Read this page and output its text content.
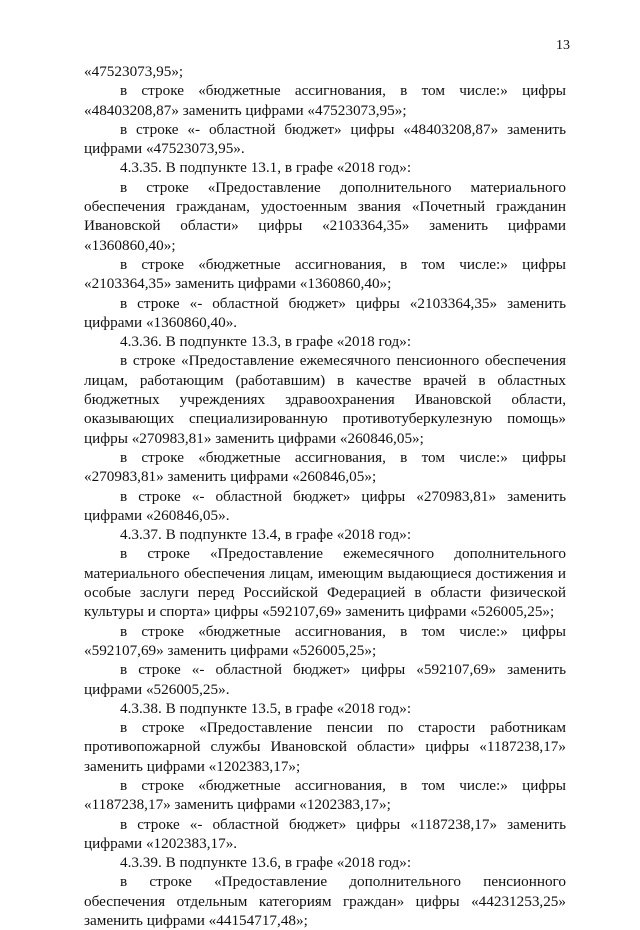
13
«47523073,95»;
в строке «бюджетные ассигнования, в том числе:» цифры
«48403208,87» заменить цифрами «47523073,95»;
в строке «- областной бюджет» цифры «48403208,87» заменить
цифрами «47523073,95».
4.3.35. В подпункте 13.1, в графе «2018 год»:
в строке «Предоставление дополнительного материального
обеспечения гражданам, удостоенным звания «Почетный гражданин
Ивановской области» цифры «2103364,35» заменить цифрами
«1360860,40»;
в строке «бюджетные ассигнования, в том числе:» цифры
«2103364,35» заменить цифрами «1360860,40»;
в строке «- областной бюджет» цифры «2103364,35» заменить
цифрами «1360860,40».
4.3.36. В подпункте 13.3, в графе «2018 год»:
в строке «Предоставление ежемесячного пенсионного обеспечения
лицам, работающим (работавшим) в качестве врачей в областных
бюджетных учреждениях здравоохранения Ивановской области,
оказывающих специализированную противотуберкулезную помощь»
цифры «270983,81» заменить цифрами «260846,05»;
в строке «бюджетные ассигнования, в том числе:» цифры
«270983,81» заменить цифрами «260846,05»;
в строке «- областной бюджет» цифры «270983,81» заменить
цифрами «260846,05».
4.3.37. В подпункте 13.4, в графе «2018 год»:
в строке «Предоставление ежемесячного дополнительного
материального обеспечения лицам, имеющим выдающиеся достижения и
особые заслуги перед Российской Федерацией в области физической
культуры и спорта» цифры «592107,69» заменить цифрами «526005,25»;
в строке «бюджетные ассигнования, в том числе:» цифры
«592107,69» заменить цифрами «526005,25»;
в строке «- областной бюджет» цифры «592107,69» заменить
цифрами «526005,25».
4.3.38. В подпункте 13.5, в графе «2018 год»:
в строке «Предоставление пенсии по старости работникам
противопожарной службы Ивановской области» цифры «1187238,17»
заменить цифрами «1202383,17»;
в строке «бюджетные ассигнования, в том числе:» цифры
«1187238,17» заменить цифрами «1202383,17»;
в строке «- областной бюджет» цифры «1187238,17» заменить
цифрами «1202383,17».
4.3.39. В подпункте 13.6, в графе «2018 год»:
в строке «Предоставление дополнительного пенсионного
обеспечения отдельным категориям граждан» цифры «44231253,25»
заменить цифрами «44154717,48»;
